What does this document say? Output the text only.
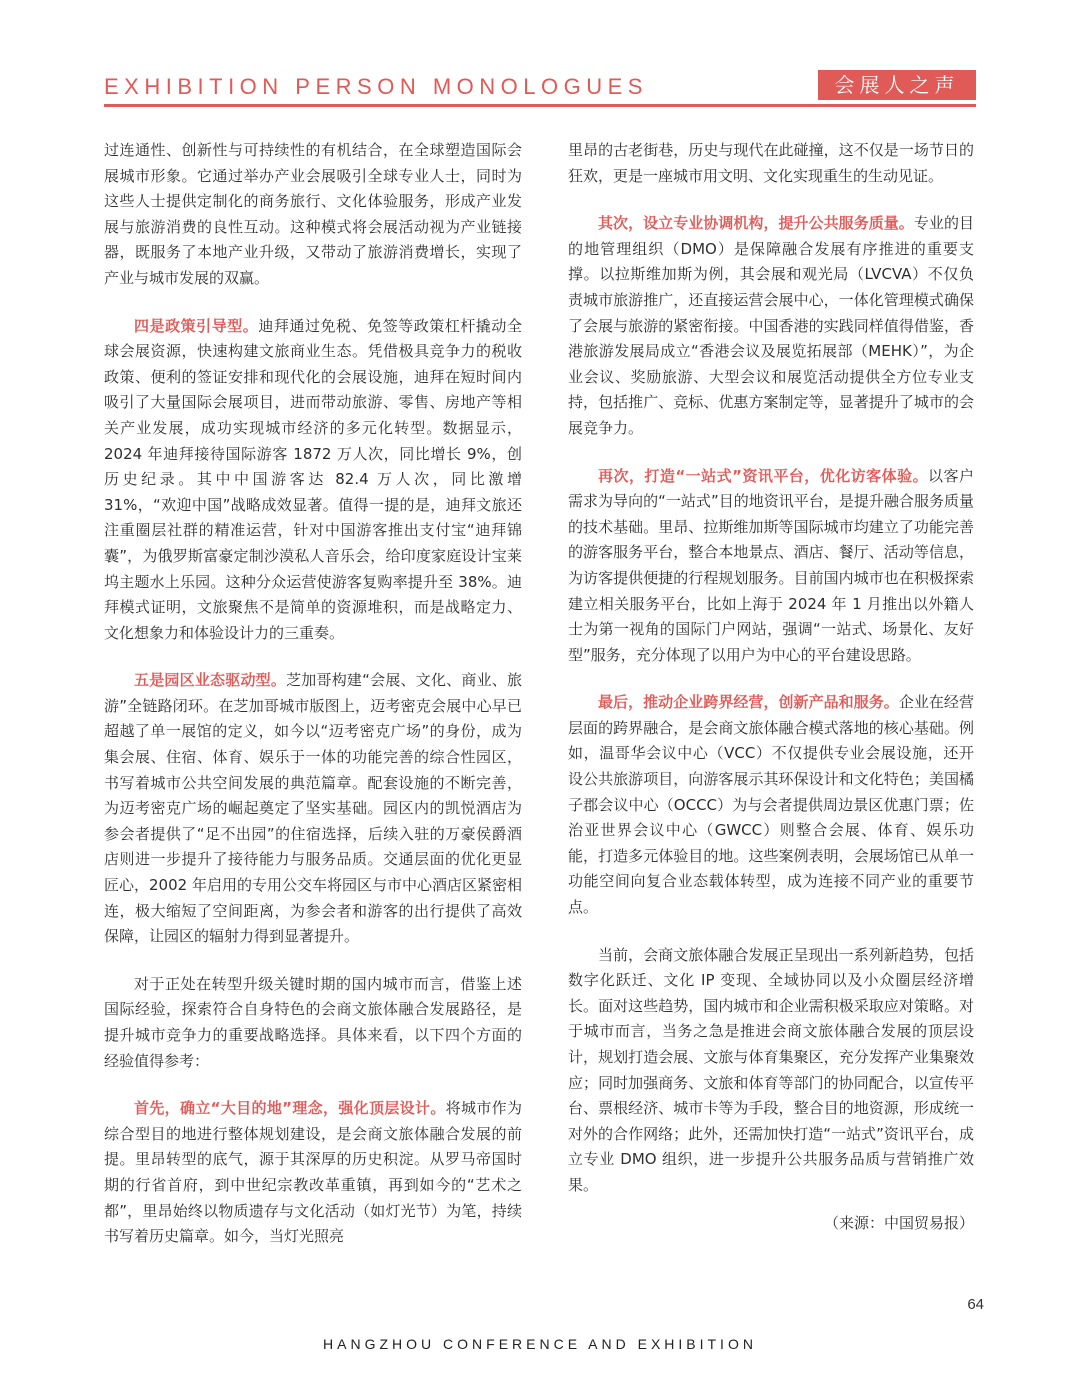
EXHIBITION PERSON MONOLOGUES	会展人之声

过连通性、创新性与可持续性的有机结合，在全球塑造国际会展城市形象。它通过举办产业会展吸引全球专业人士，同时为这些人士提供定制化的商务旅行、文化体验服务，形成产业发展与旅游消费的良性互动。这种模式将会展活动视为产业链接器，既服务了本地产业升级，又带动了旅游消费增长，实现了产业与城市发展的双赢。

四是政策引导型。迪拜通过免税、免签等政策杠杆撬动全球会展资源，快速构建文旅商业生态。凭借极具竞争力的税收政策、便利的签证安排和现代化的会展设施，迪拜在短时间内吸引了大量国际会展项目，进而带动旅游、零售、房地产等相关产业发展，成功实现城市经济的多元化转型。数据显示，2024 年迪拜接待国际游客 1872 万人次，同比增长 9%，创历史纪录。其中中国游客达 82.4 万人次，同比激增 31%，“欢迎中国”战略成效显著。值得一提的是，迪拜文旅还注重圈层社群的精准运营，针对中国游客推出支付宝“迪拜锦囊”，为俄罗斯富豪定制沙漠私人音乐会，给印度家庭设计宝莱坞主题水上乐园。这种分众运营使游客复购率提升至 38%。迪拜模式证明，文旅聚焦不是简单的资源堆积，而是战略定力、文化想象力和体验设计力的三重奏。

五是园区业态驱动型。芝加哥构建“会展、文化、商业、旅游”全链路闭环。在芝加哥城市版图上，迈考密克会展中心早已超越了单一展馆的定义，如今以“迈考密克广场”的身份，成为集会展、住宿、体育、娱乐于一体的功能完善的综合性园区，书写着城市公共空间发展的典范篇章。配套设施的不断完善，为迈考密克广场的崛起奠定了坚实基础。园区内的凯悦酒店为参会者提供了“足不出园”的住宿选择，后续入驻的万豪侯爵酒店则进一步提升了接待能力与服务品质。交通层面的优化更显匠心，2002 年启用的专用公交车将园区与市中心酒店区紧密相连，极大缩短了空间距离，为参会者和游客的出行提供了高效保障，让园区的辐射力得到显著提升。

对于正处在转型升级关键时期的国内城市而言，借鉴上述国际经验，探索符合自身特色的会商文旅体融合发展路径，是提升城市竞争力的重要战略选择。具体来看，以下四个方面的经验值得参考：

首先，确立“大目的地”理念，强化顶层设计。将城市作为综合型目的地进行整体规划建设，是会商文旅体融合发展的前提。里昂转型的底气，源于其深厚的历史积淀。从罗马帝国时期的行省首府，到中世纪宗教改革重镇，再到如今的“艺术之都”，里昂始终以物质遗存与文化活动（如灯光节）为笔，持续书写着历史篇章。如今，当灯光照亮

里昂的古老街巷，历史与现代在此碰撞，这不仅是一场节日的狂欢，更是一座城市用文明、文化实现重生的生动见证。

其次，设立专业协调机构，提升公共服务质量。专业的目的地管理组织（DMO）是保障融合发展有序推进的重要支撑。以拉斯维加斯为例，其会展和观光局（LVCVA）不仅负责城市旅游推广，还直接运营会展中心，一体化管理模式确保了会展与旅游的紧密衔接。中国香港的实践同样值得借鉴，香港旅游发展局成立“香港会议及展览拓展部（MEHK）”，为企业会议、奖励旅游、大型会议和展览活动提供全方位专业支持，包括推广、竞标、优惠方案制定等，显著提升了城市的会展竞争力。

再次，打造“一站式”资讯平台，优化访客体验。以客户需求为导向的“一站式”目的地资讯平台，是提升融合服务质量的技术基础。里昂、拉斯维加斯等国际城市均建立了功能完善的游客服务平台，整合本地景点、酒店、餐厅、活动等信息，为访客提供便捷的行程规划服务。目前国内城市也在积极探索建立相关服务平台，比如上海于 2024 年 1 月推出以外籍人士为第一视角的国际门户网站，强调“一站式、场景化、友好型”服务，充分体现了以用户为中心的平台建设思路。

最后，推动企业跨界经营，创新产品和服务。企业在经营层面的跨界融合，是会商文旅体融合模式落地的核心基础。例如，温哥华会议中心（VCC）不仅提供专业会展设施，还开设公共旅游项目，向游客展示其环保设计和文化特色；美国橘子郡会议中心（OCCC）为与会者提供周边景区优惠门票；佐治亚世界会议中心（GWCC）则整合会展、体育、娱乐功能，打造多元体验目的地。这些案例表明，会展场馆已从单一功能空间向复合业态载体转型，成为连接不同产业的重要节点。

当前，会商文旅体融合发展正呈现出一系列新趋势，包括数字化跃迁、文化 IP 变现、全域协同以及小众圈层经济增长。面对这些趋势，国内城市和企业需积极采取应对策略。对于城市而言，当务之急是推进会商文旅体融合发展的顶层设计，规划打造会展、文旅与体育集聚区，充分发挥产业集聚效应；同时加强商务、文旅和体育等部门的协同配合，以宣传平台、票根经济、城市卡等为手段，整合目的地资源，形成统一对外的合作网络；此外，还需加快打造“一站式”资讯平台，成立专业 DMO 组织，进一步提升公共服务品质与营销推广效果。

（来源：中国贸易报）

64
HANGZHOU CONFERENCE AND EXHIBITION
